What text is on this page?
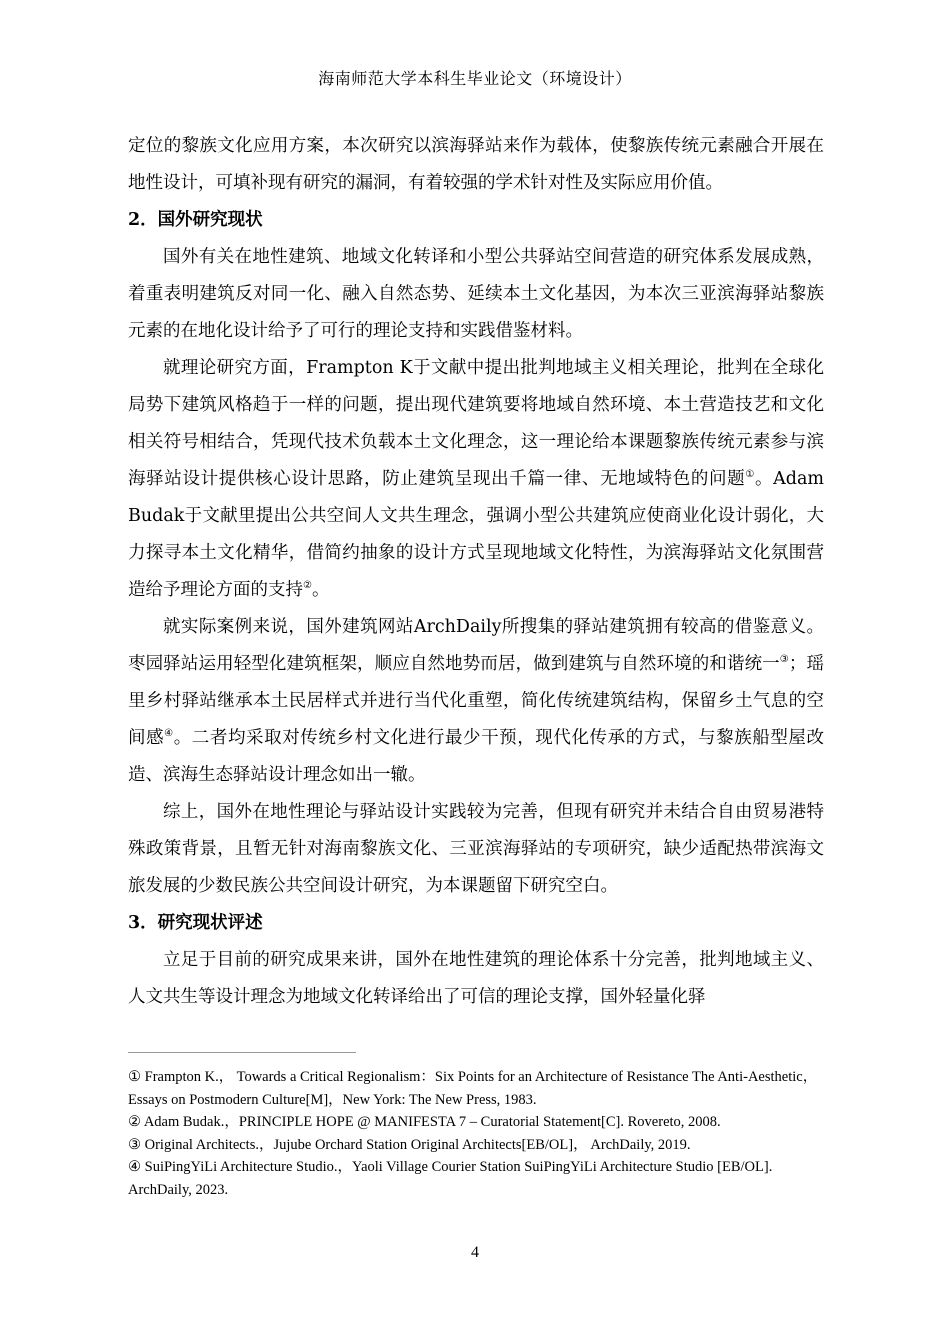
海南师范大学本科生毕业论文（环境设计）

定位的黎族文化应用方案，本次研究以滨海驿站来作为载体，使黎族传统元素融合开展在地性设计，可填补现有研究的漏洞，有着较强的学术针对性及实际应用价值。

2．国外研究现状

国外有关在地性建筑、地域文化转译和小型公共驿站空间营造的研究体系发展成熟，着重表明建筑反对同一化、融入自然态势、延续本土文化基因，为本次三亚滨海驿站黎族元素的在地化设计给予了可行的理论支持和实践借鉴材料。

就理论研究方面，Frampton K于文献中提出批判地域主义相关理论，批判在全球化局势下建筑风格趋于一样的问题，提出现代建筑要将地域自然环境、本土营造技艺和文化相关符号相结合，凭现代技术负载本土文化理念，这一理论给本课题黎族传统元素参与滨海驿站设计提供核心设计思路，防止建筑呈现出千篇一律、无地域特色的问题①。Adam Budak于文献里提出公共空间人文共生理念，强调小型公共建筑应使商业化设计弱化，大力探寻本土文化精华，借简约抽象的设计方式呈现地域文化特性，为滨海驿站文化氛围营造给予理论方面的支持②。

就实际案例来说，国外建筑网站ArchDaily所搜集的驿站建筑拥有较高的借鉴意义。枣园驿站运用轻型化建筑框架，顺应自然地势而居，做到建筑与自然环境的和谐统一③；瑶里乡村驿站继承本土民居样式并进行当代化重塑，简化传统建筑结构，保留乡土气息的空间感④。二者均采取对传统乡村文化进行最少干预，现代化传承的方式，与黎族船型屋改造、滨海生态驿站设计理念如出一辙。

综上，国外在地性理论与驿站设计实践较为完善，但现有研究并未结合自由贸易港特殊政策背景，且暂无针对海南黎族文化、三亚滨海驿站的专项研究，缺少适配热带滨海文旅发展的少数民族公共空间设计研究，为本课题留下研究空白。

3．研究现状评述

立足于目前的研究成果来讲，国外在地性建筑的理论体系十分完善，批判地域主义、人文共生等设计理念为地域文化转译给出了可信的理论支撑，国外轻量化驿

① Frampton K.， Towards a Critical Regionalism：Six Points for an Architecture of Resistance The Anti-Aesthetic， Essays on Postmodern Culture[M]，New York: The New Press, 1983.

② Adam Budak.，PRINCIPLE HOPE @ MANIFESTA 7 – Curatorial Statement[C]. Rovereto, 2008.

③ Original Architects.，Jujube Orchard Station Original Architects[EB/OL]， ArchDaily, 2019.

④ SuiPingYiLi Architecture Studio.，Yaoli Village Courier Station SuiPingYiLi Architecture Studio [EB/OL]. ArchDaily, 2023.

4
